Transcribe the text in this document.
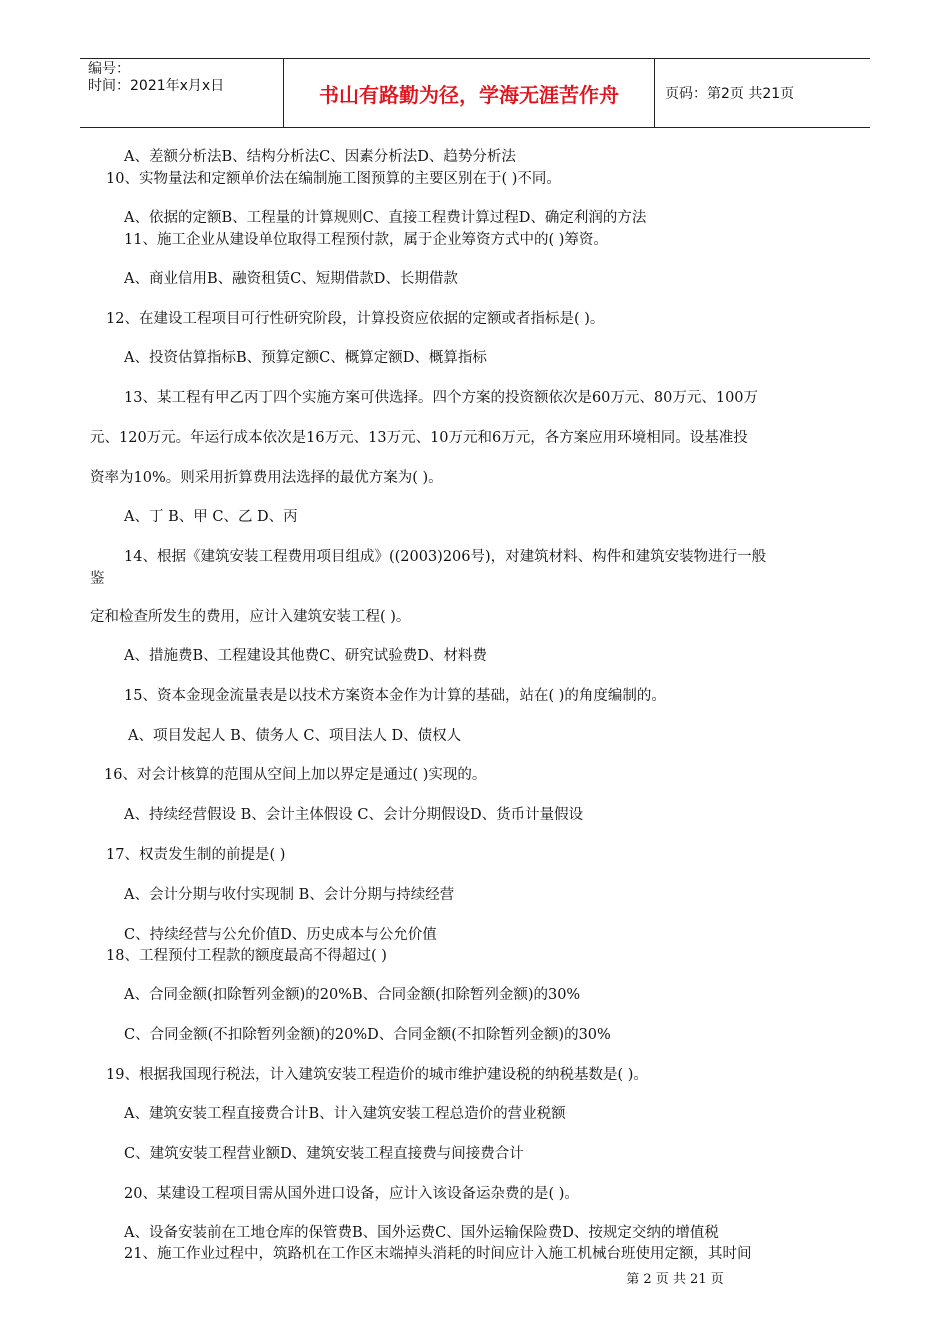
编号：
时间：2021年x月x日	书山有路勤为径，学海无涯苦作舟	页码：第2页 共21页
A、差额分析法B、结构分析法C、因素分析法D、趋势分析法
10、实物量法和定额单价法在编制施工图预算的主要区别在于( )不同。
A、依据的定额B、工程量的计算规则C、直接工程费计算过程D、确定利润的方法
11、施工企业从建设单位取得工程预付款，属于企业筹资方式中的( )筹资。
A、商业信用B、融资租赁C、短期借款D、长期借款
12、在建设工程项目可行性研究阶段，计算投资应依据的定额或者指标是( )。
A、投资估算指标B、预算定额C、概算定额D、概算指标
13、某工程有甲乙丙丁四个实施方案可供选择。四个方案的投资额依次是60万元、80万元、100万
元、120万元。年运行成本依次是16万元、13万元、10万元和6万元，各方案应用环境相同。设基准投
资率为10%。则采用折算费用法选择的最优方案为( )。
A、丁 B、甲 C、乙 D、丙
14、根据《建筑安装工程费用项目组成》((2003)206号)，对建筑材料、构件和建筑安装物进行一般
鉴
定和检查所发生的费用，应计入建筑安装工程( )。
A、措施费B、工程建设其他费C、研究试验费D、材料费
15、资本金现金流量表是以技术方案资本金作为计算的基础，站在( )的角度编制的。
A、项目发起人 B、债务人 C、项目法人 D、债权人
16、对会计核算的范围从空间上加以界定是通过( )实现的。
A、持续经营假设 B、会计主体假设 C、会计分期假设D、货币计量假设
17、权责发生制的前提是( )
A、会计分期与收付实现制 B、会计分期与持续经营
C、持续经营与公允价值D、历史成本与公允价值
18、工程预付工程款的额度最高不得超过( )
A、合同金额(扣除暂列金额)的20%B、合同金额(扣除暂列金额)的30%
C、合同金额(不扣除暂列金额)的20%D、合同金额(不扣除暂列金额)的30%
19、根据我国现行税法，计入建筑安装工程造价的城市维护建设税的纳税基数是( )。
A、建筑安装工程直接费合计B、计入建筑安装工程总造价的营业税额
C、建筑安装工程营业额D、建筑安装工程直接费与间接费合计
20、某建设工程项目需从国外进口设备，应计入该设备运杂费的是( )。
A、设备安装前在工地仓库的保管费B、国外运费C、国外运输保险费D、按规定交纳的增值税
21、施工作业过程中，筑路机在工作区末端掉头消耗的时间应计入施工机械台班使用定额，其时间
第 2 页 共 21 页
